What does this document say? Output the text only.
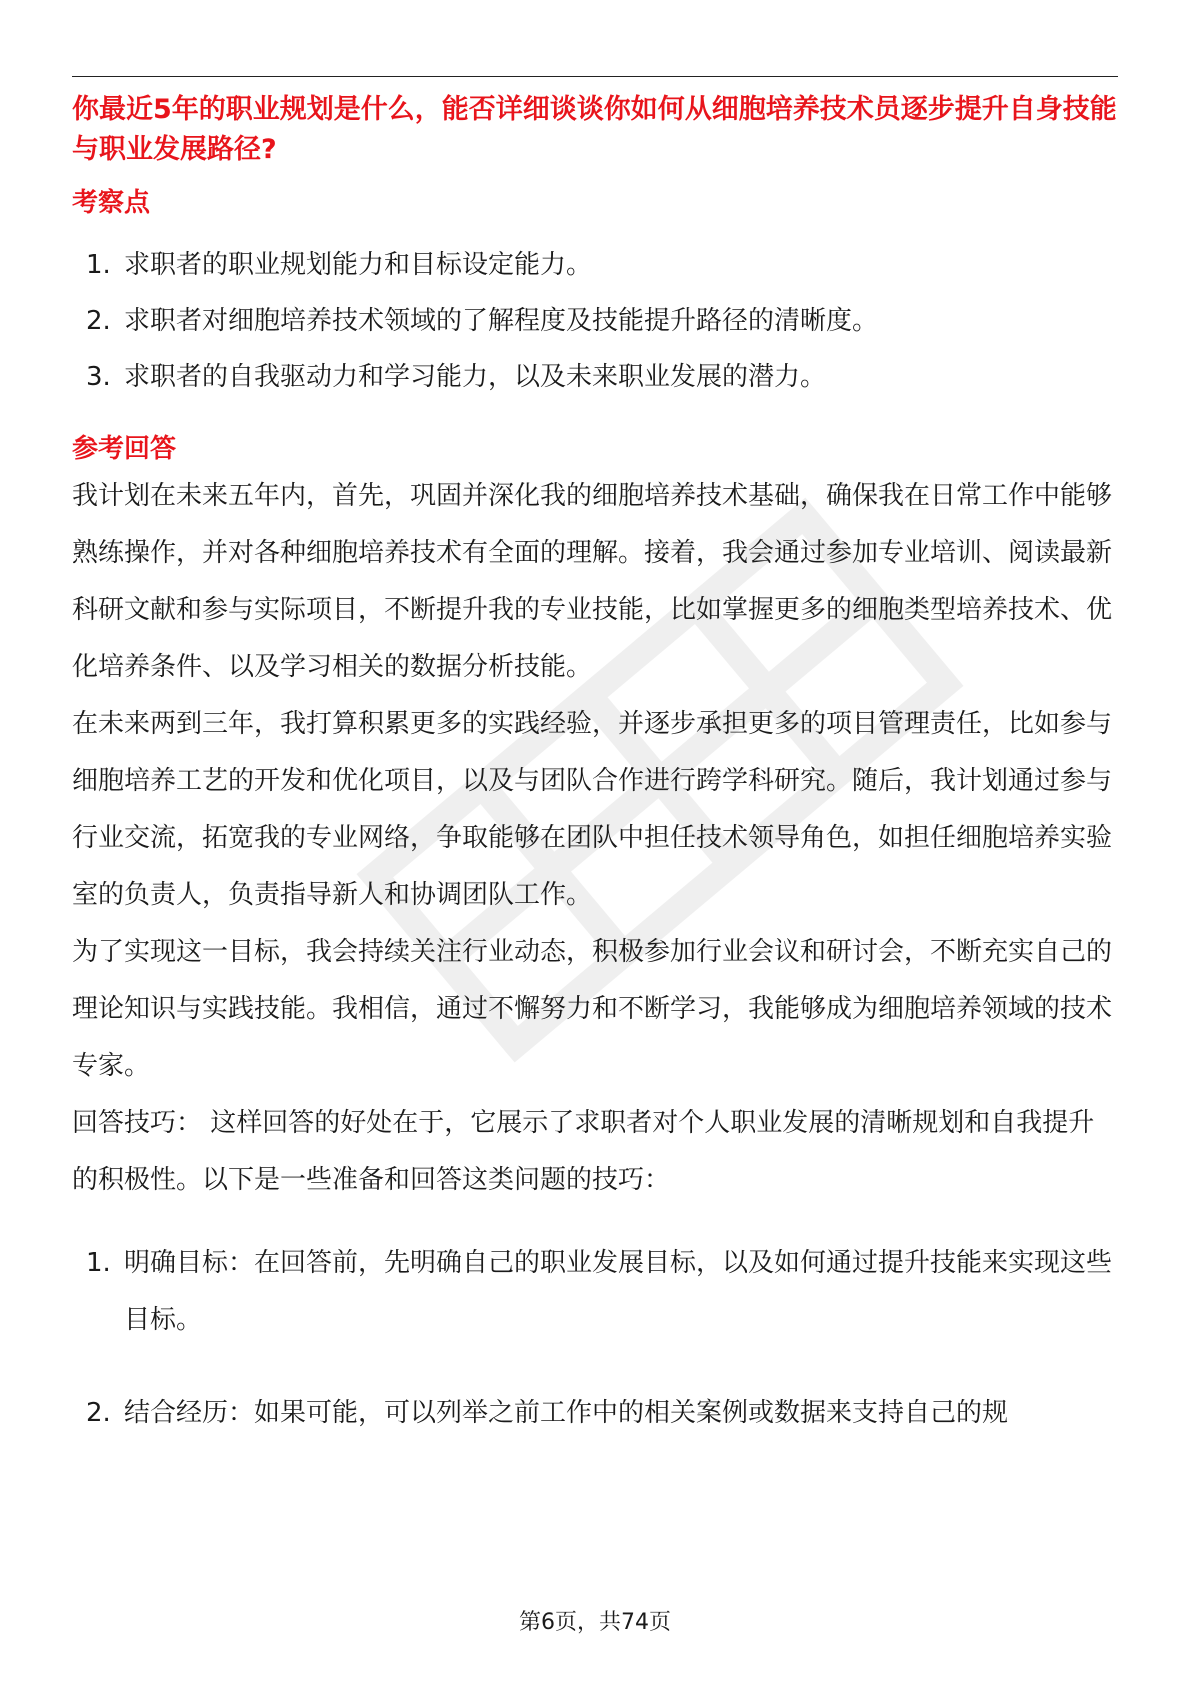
你最近5年的职业规划是什么，能否详细谈谈你如何从细胞培养技术员逐步提升自身技能与职业发展路径?

考察点
1. 求职者的职业规划能力和目标设定能力。
2. 求职者对细胞培养技术领域的了解程度及技能提升路径的清晰度。
3. 求职者的自我驱动力和学习能力，以及未来职业发展的潜力。
参考回答

我计划在未来五年内，首先，巩固并深化我的细胞培养技术基础，确保我在日常工作中能够熟练操作，并对各种细胞培养技术有全面的理解。接着，我会通过参加专业培训、阅读最新科研文献和参与实际项目，不断提升我的专业技能，比如掌握更多的细胞类型培养技术、优化培养条件、以及学习相关的数据分析技能。

在未来两到三年，我打算积累更多的实践经验，并逐步承担更多的项目管理责任，比如参与细胞培养工艺的开发和优化项目，以及与团队合作进行跨学科研究。随后，我计划通过参与行业交流，拓宽我的专业网络，争取能够在团队中担任技术领导角色，如担任细胞培养实验室的负责人，负责指导新人和协调团队工作。

为了实现这一目标，我会持续关注行业动态，积极参加行业会议和研讨会，不断充实自己的理论知识与实践技能。我相信，通过不懈努力和不断学习，我能够成为细胞培养领域的技术专家。

回答技巧： 这样回答的好处在于，它展示了求职者对个人职业发展的清晰规划和自我提升的积极性。以下是一些准备和回答这类问题的技巧：

1. 明确目标：在回答前，先明确自己的职业发展目标，以及如何通过提升技能来实现这些目标。
2. 结合经历：如果可能，可以列举之前工作中的相关案例或数据来支持自己的规
第6页，共74页
